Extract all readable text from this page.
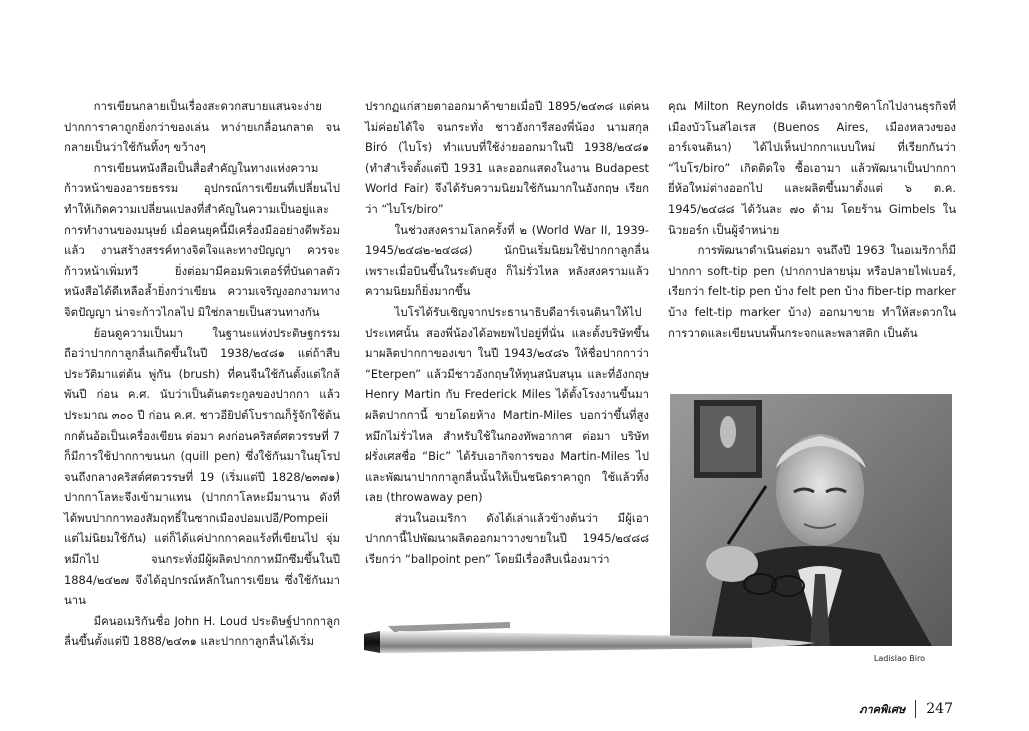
การเขียนกลายเป็นเรื่องสะดวกสบายแสนจะง่าย ปากการาคาถูกยิ่งกว่าของเล่น หาง่ายเกลื่อนกลาด จนกลายเป็นว่าใช้กันทิ้งๆ ขว้างๆ

การเขียนหนังสือเป็นสื่อสำคัญในทางแห่งความก้าวหน้าของอารยธรรม อุปกรณ์การเขียนที่เปลี่ยนไปทำให้เกิดความเปลี่ยนแปลงที่สำคัญในความเป็นอยู่และการทำงานของมนุษย์ เมื่อคนยุคนี้มีเครื่องมืออย่างดีพร้อมแล้ว งานสร้างสรรค์ทางจิตใจและทางปัญญา ควรจะก้าวหน้าเพิ่มทวี ยิ่งต่อมามีคอมพิวเตอร์ที่บันดาลตัวหนังสือได้ดีเหลือล้ำยิ่งกว่าเขียน ความเจริญงอกงามทางจิตปัญญา น่าจะก้าวไกลไป มิใช่กลายเป็นสวนทางกัน

ย้อนดูความเป็นมา ในฐานะแห่งประดิษฐกรรมถือว่าปากกาลูกลื่นเกิดขึ้นในปี 1938/๒๔๘๑ แต่ถ้าสืบประวัติมาแต่ต้น พู่กัน (brush) ที่คนจีนใช้กันตั้งแต่ใกล้พันปี ก่อน ค.ศ. นับว่าเป็นต้นตระกูลของปากกา แล้วประมาณ ๓๐๐ ปี ก่อน ค.ศ. ชาวอียิปต์โบราณก็รู้จักใช้ต้นกกต้นอ้อเป็นเครื่องเขียน ต่อมา คงก่อนคริสต์ศตวรรษที่ 7 ก็มีการใช้ปากกาขนนก (quill pen) ซึ่งใช้กันมาในยุโรปจนถึงกลางคริสต์ศตวรรษที่ 19 (เริ่มแต่ปี 1828/๒๓๗๑) ปากกาโลหะจึงเข้ามาแทน (ปากกาโลหะมีมานาน ดังที่ได้พบปากกาทองสัมฤทธิ์ในซากเมืองปอมเปอี/Pompeii แต่ไม่นิยมใช้กัน) แต่ก็ได้แค่ปากกาคอแร้งที่เขียนไป จุ่มหมึกไป จนกระทั่งมีผู้ผลิตปากกาหมึกซึมขึ้นในปี 1884/๒๔๒๗ จึงได้อุปกรณ์หลักในการเขียน ซึ่งใช้กันมานาน

มีคนอเมริกันชื่อ John H. Loud ประดิษฐ์ปากกาลูกลื่นขึ้นตั้งแต่ปี 1888/๒๔๓๑ และปากกาลูกลื่นได้เริ่ม

ปรากฏแก่สายตาออกมาค้าขายเมื่อปี 1895/๒๔๓๘ แต่คนไม่ค่อยได้ใจ จนกระทั่ง ชาวฮังการีสองพี่น้อง นามสกุล Biró (ไบโร) ทำแบบที่ใช้ง่ายออกมาในปี 1938/๒๔๘๑ (ทำสำเร็จตั้งแต่ปี 1931 และออกแสดงในงาน Budapest World Fair) จึงได้รับความนิยมใช้กันมากในอังกฤษ เรียกว่า “ไบโร/biro”

ในช่วงสงครามโลกครั้งที่ ๒ (World War II, 1939-1945/๒๔๘๒-๒๔๘๘) นักบินเริ่มนิยมใช้ปากกาลูกลื่น เพราะเมื่อบินขึ้นในระดับสูง ก็ไม่รั่วไหล หลังสงครามแล้ว ความนิยมก็ยิ่งมากขึ้น

ไบโรได้รับเชิญจากประธานาธิบดีอาร์เจนตินาให้ไปประเทศนั้น สองพี่น้องได้อพยพไปอยู่ที่นั่น และตั้งบริษัทขึ้นมาผลิตปากกาของเขา ในปี 1943/๒๔๘๖ ให้ชื่อปากกาว่า “Eterpen” แล้วมีชาวอังกฤษให้ทุนสนับสนุน และที่อังกฤษ Henry Martin กับ Frederick Miles ได้ตั้งโรงงานขึ้นมาผลิตปากกานี้ ขายโดยห้าง Martin-Miles บอกว่าขึ้นที่สูงหมึกไม่รั่วไหล สำหรับใช้ในกองทัพอากาศ ต่อมา บริษัทฝรั่งเศสชื่อ “Bic” ได้รับเอากิจการของ Martin-Miles ไป และพัฒนาปากกาลูกลื่นนั้นให้เป็นชนิดราคาถูก ใช้แล้วทิ้งเลย (throwaway pen)

ส่วนในอเมริกา ดังได้เล่าแล้วข้างต้นว่า มีผู้เอาปากกานี้ไปพัฒนาผลิตออกมาวางขายในปี 1945/๒๔๘๘ เรียกว่า “ballpoint pen” โดยมีเรื่องสืบเนื่องมาว่า

คุณ Milton Reynolds เดินทางจากชิคาโกไปงานธุรกิจที่เมืองบัวโนสไอเรส (Buenos Aires, เมืองหลวงของอาร์เจนตินา) ได้ไปเห็นปากกาแบบใหม่ ที่เรียกกันว่า “ไบโร/biro” เกิดติดใจ ซื้อเอามา แล้วพัฒนาเป็นปากกายี่ห้อใหม่ต่างออกไป และผลิตขึ้นมาตั้งแต่ ๖ ต.ค. 1945/๒๔๘๘ ได้วันละ ๗๐ ด้าม โดยร้าน Gimbels ในนิวยอร์ก เป็นผู้จำหน่าย

การพัฒนาดำเนินต่อมา จนถึงปี 1963 ในอเมริกาก็มีปากกา soft-tip pen (ปากกาปลายนุ่ม หรือปลายไฟเบอร์, เรียกว่า felt-tip pen บ้าง felt pen บ้าง fiber-tip marker บ้าง felt-tip marker บ้าง) ออกมาขาย ทำให้สะดวกในการวาดและเขียนบนพื้นกระจกและพลาสติก เป็นต้น

Ladislao Biro
ภาคพิเศษ 247
